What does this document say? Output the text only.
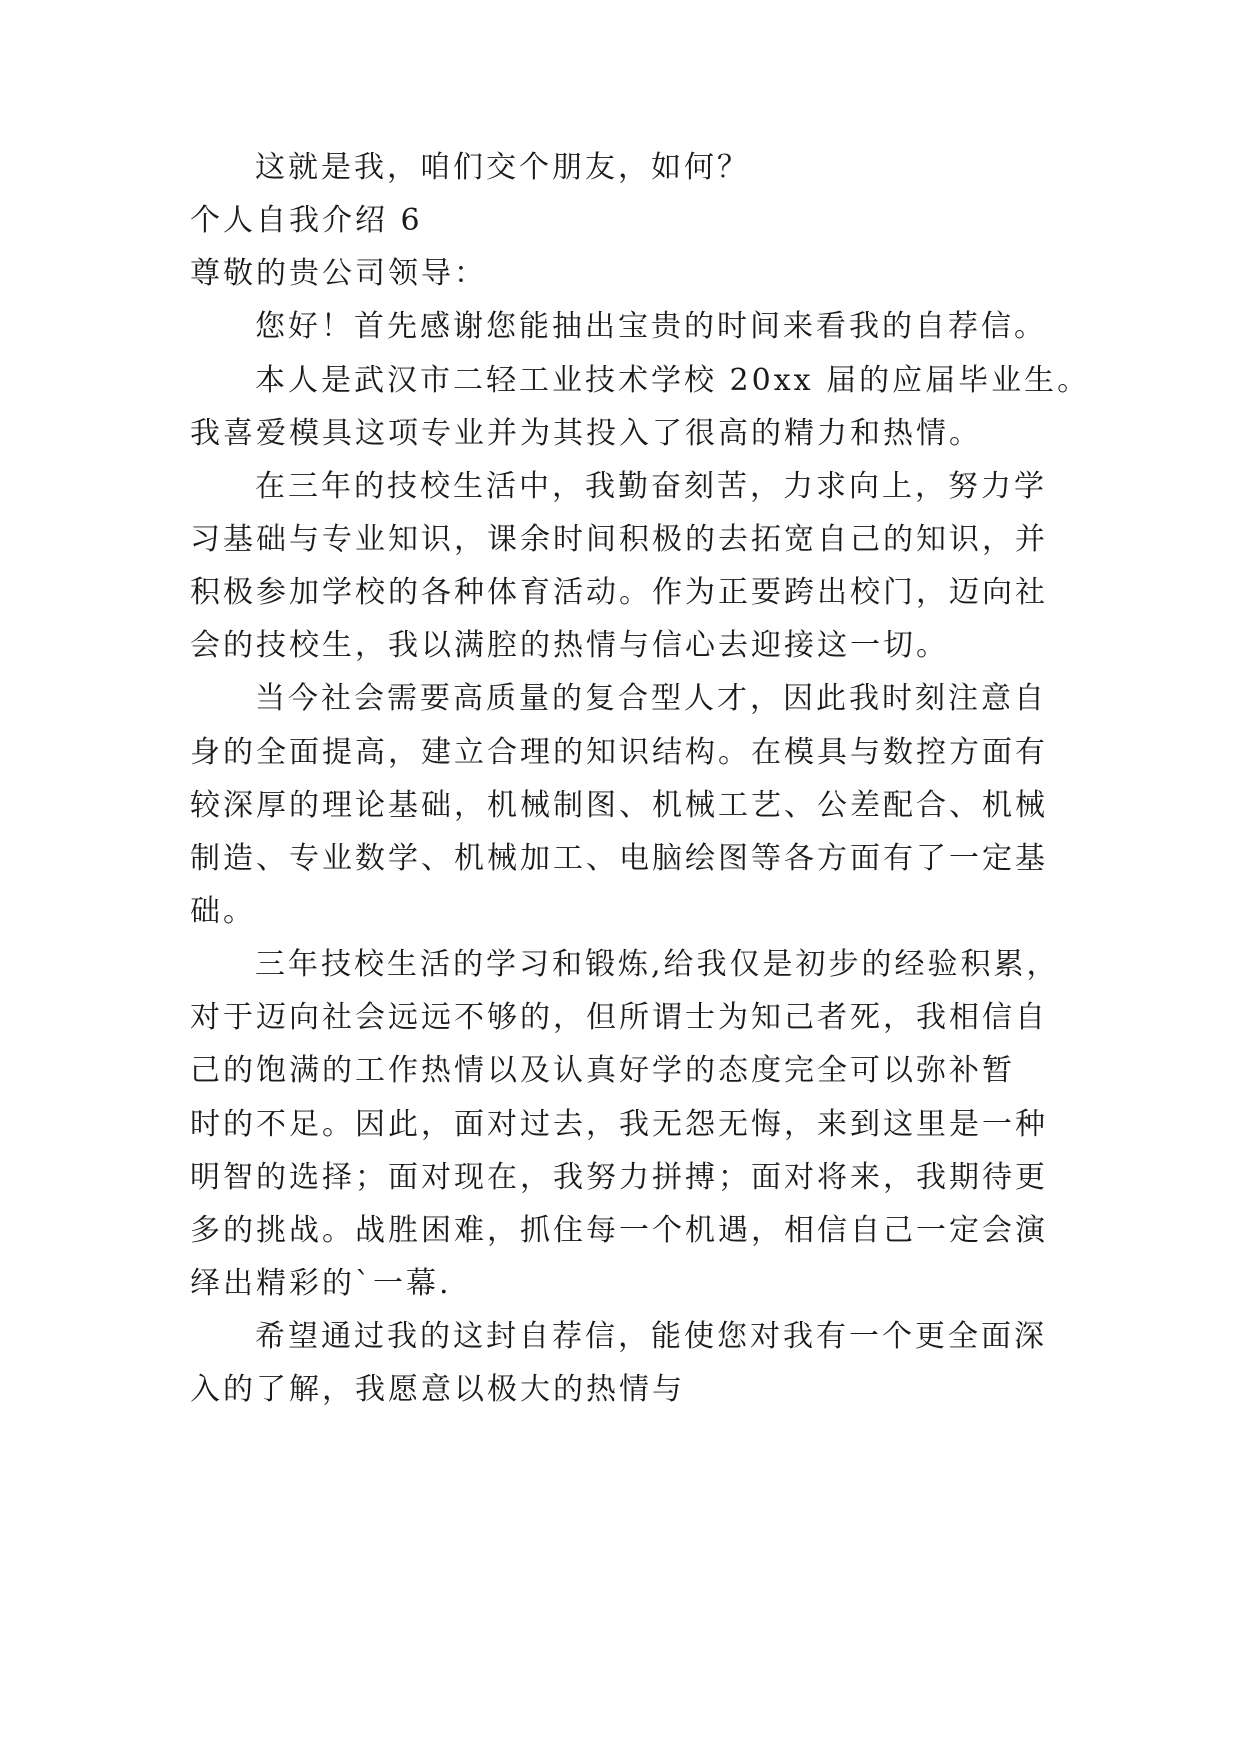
这就是我，咱们交个朋友，如何？
个人自我介绍 6
尊敬的贵公司领导：
您好！首先感谢您能抽出宝贵的时间来看我的自荐信。
本人是武汉市二轻工业技术学校 20xx 届的应届毕业生。
我喜爱模具这项专业并为其投入了很高的精力和热情。
在三年的技校生活中，我勤奋刻苦，力求向上，努力学
习基础与专业知识，课余时间积极的去拓宽自己的知识，并
积极参加学校的各种体育活动。作为正要跨出校门，迈向社
会的技校生，我以满腔的热情与信心去迎接这一切。
当今社会需要高质量的复合型人才，因此我时刻注意自
身的全面提高，建立合理的知识结构。在模具与数控方面有
较深厚的理论基础，机械制图、机械工艺、公差配合、机械
制造、专业数学、机械加工、电脑绘图等各方面有了一定基
础。
三年技校生活的学习和锻炼,给我仅是初步的经验积累，
对于迈向社会远远不够的，但所谓士为知己者死，我相信自
己的饱满的工作热情以及认真好学的态度完全可以弥补暂
时的不足。因此，面对过去，我无怨无悔，来到这里是一种
明智的选择；面对现在，我努力拼搏；面对将来，我期待更
多的挑战。战胜困难，抓住每一个机遇，相信自己一定会演
绎出精彩的`一幕.
希望通过我的这封自荐信，能使您对我有一个更全面深
入的了解，我愿意以极大的热情与
